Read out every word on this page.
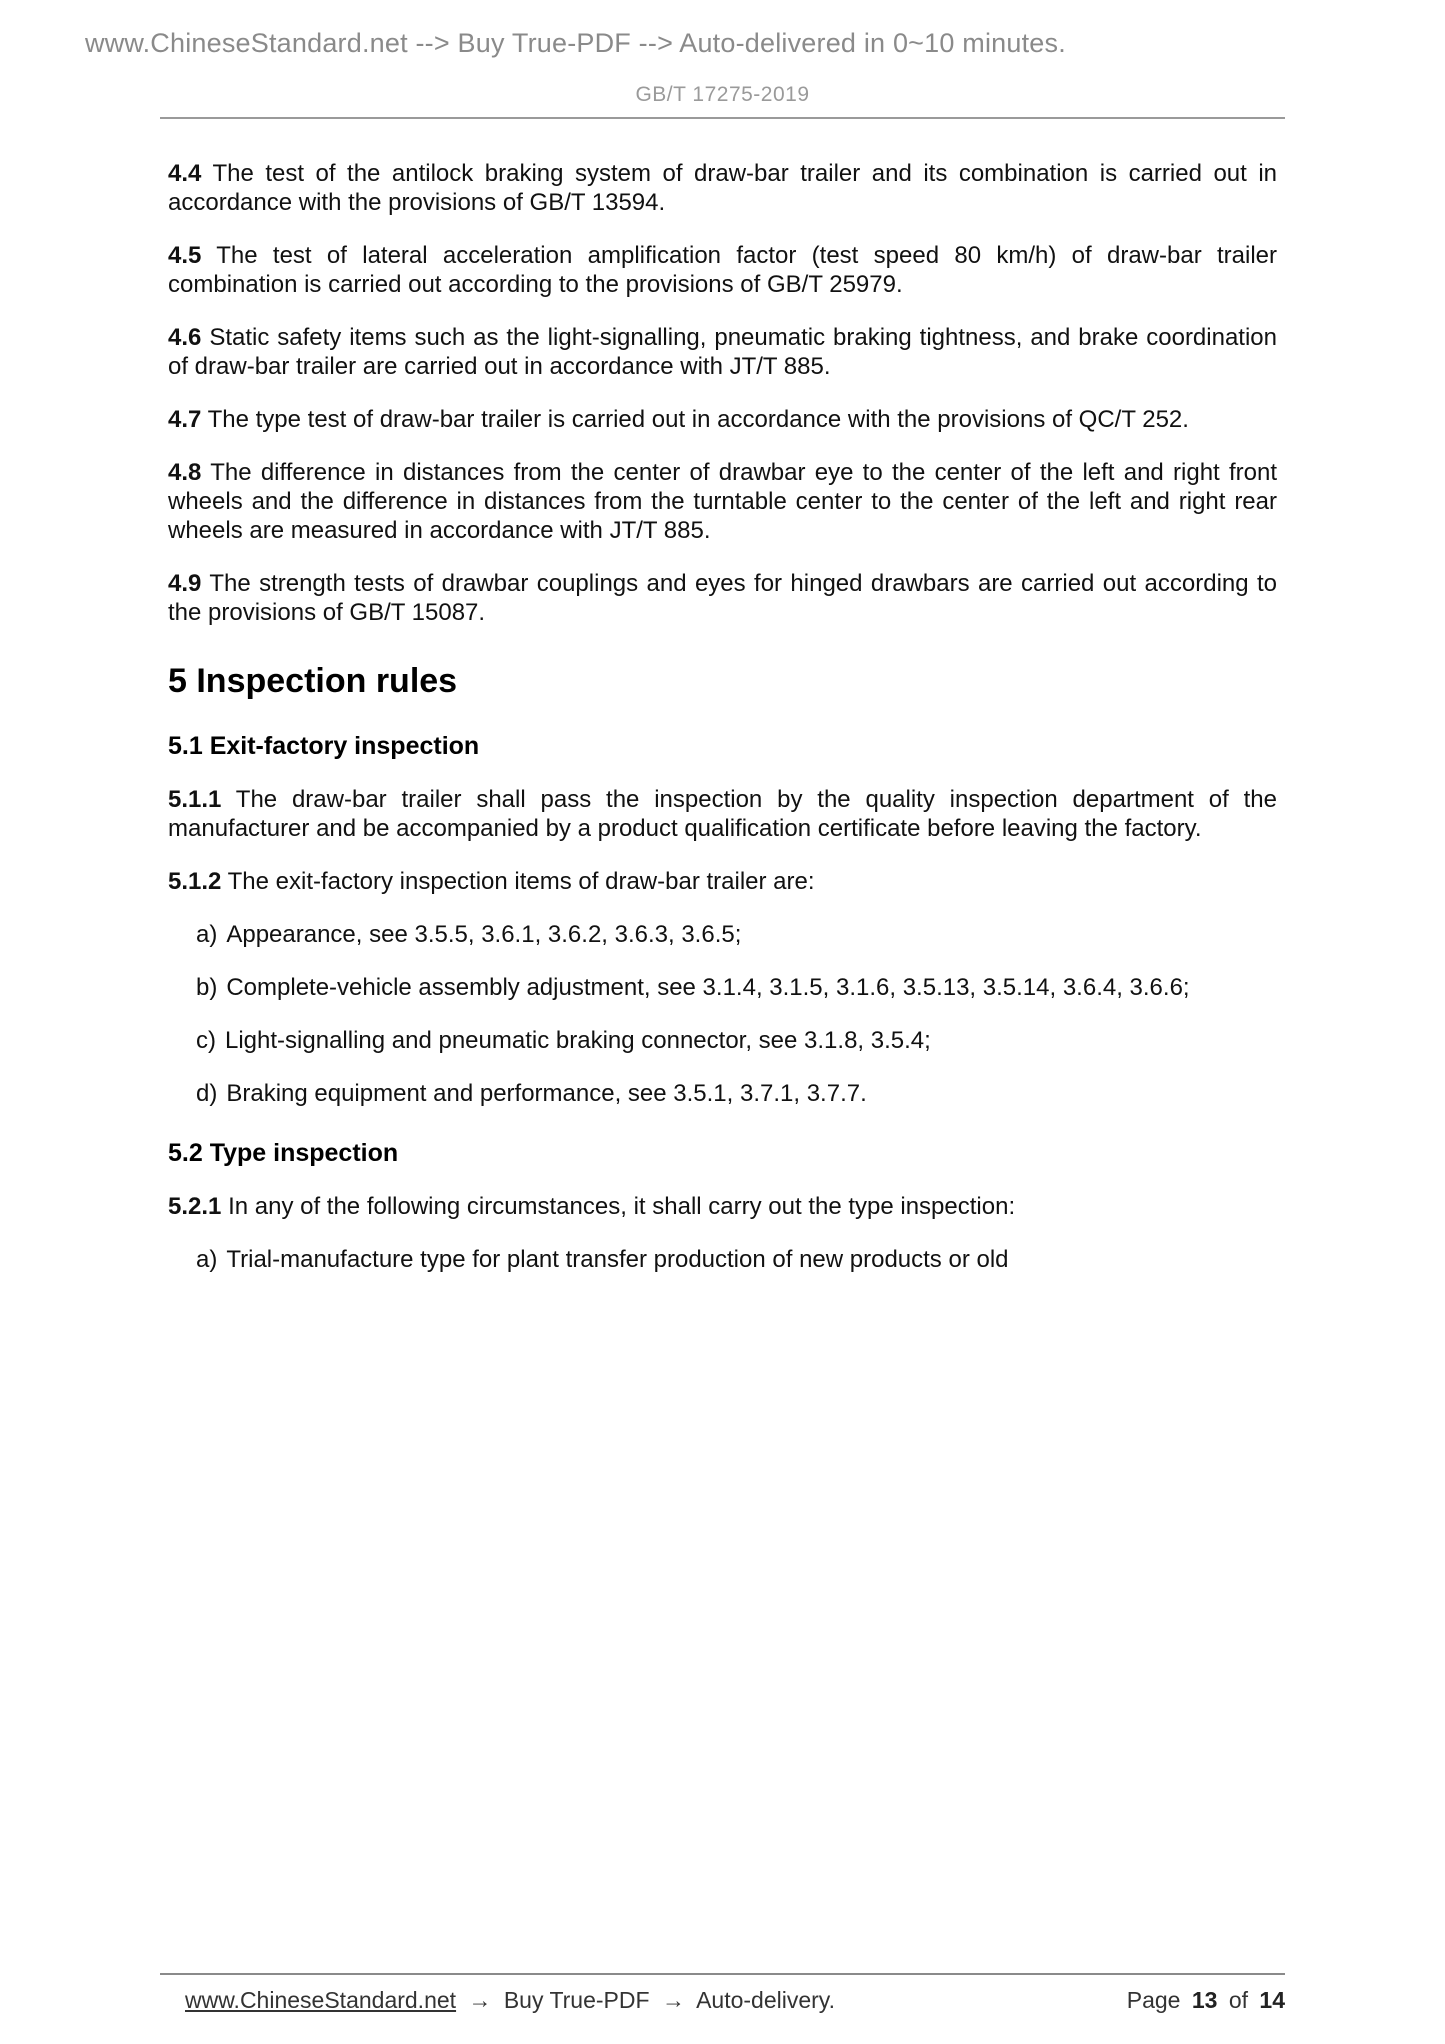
www.ChineseStandard.net --> Buy True-PDF --> Auto-delivered in 0~10 minutes.
GB/T 17275-2019

4.4 The test of the antilock braking system of draw-bar trailer and its combination is carried out in accordance with the provisions of GB/T 13594.

4.5 The test of lateral acceleration amplification factor (test speed 80 km/h) of draw-bar trailer combination is carried out according to the provisions of GB/T 25979.

4.6 Static safety items such as the light-signalling, pneumatic braking tightness, and brake coordination of draw-bar trailer are carried out in accordance with JT/T 885.

4.7 The type test of draw-bar trailer is carried out in accordance with the provisions of QC/T 252.

4.8 The difference in distances from the center of drawbar eye to the center of the left and right front wheels and the difference in distances from the turntable center to the center of the left and right rear wheels are measured in accordance with JT/T 885.

4.9 The strength tests of drawbar couplings and eyes for hinged drawbars are carried out according to the provisions of GB/T 15087.

5 Inspection rules
5.1 Exit-factory inspection

5.1.1 The draw-bar trailer shall pass the inspection by the quality inspection department of the manufacturer and be accompanied by a product qualification certificate before leaving the factory.

5.1.2 The exit-factory inspection items of draw-bar trailer are:

a) Appearance, see 3.5.5, 3.6.1, 3.6.2, 3.6.3, 3.6.5;
b) Complete-vehicle assembly adjustment, see 3.1.4, 3.1.5, 3.1.6, 3.5.13, 3.5.14, 3.6.4, 3.6.6;
c) Light-signalling and pneumatic braking connector, see 3.1.8, 3.5.4;
d) Braking equipment and performance, see 3.5.1, 3.7.1, 3.7.7.
5.2 Type inspection

5.2.1 In any of the following circumstances, it shall carry out the type inspection:

a) Trial-manufacture type for plant transfer production of new products or old
www.ChineseStandard.net → Buy True-PDF → Auto-delivery.	Page 13 of 14
